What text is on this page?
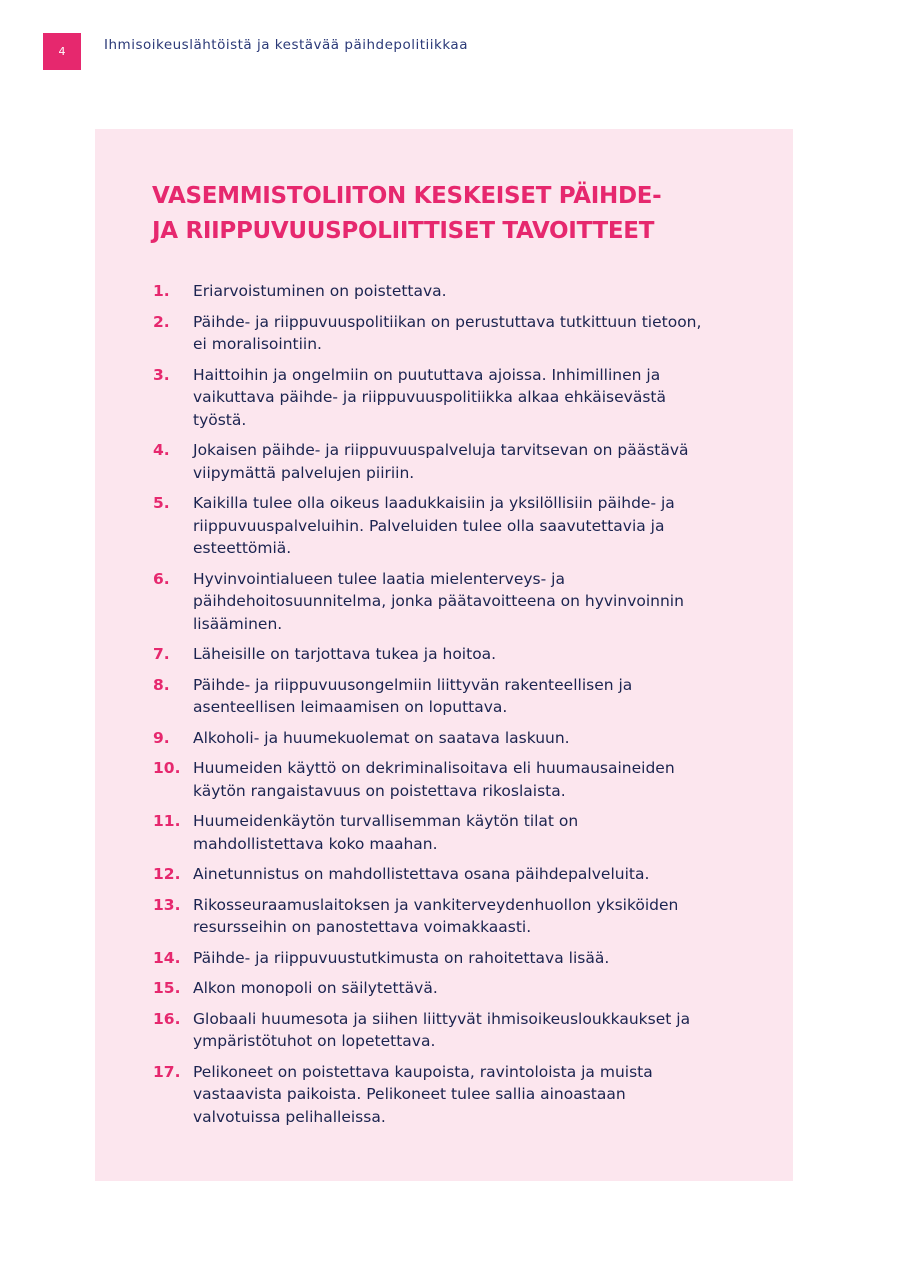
4	Ihmisoikeuslähtöistä ja kestävää päihdepolitiikkaa
VASEMMISTOLIITON KESKEISET PÄIHDE-
JA RIIPPUVUUSPOLIITTISET TAVOITTEET
1.	Eriarvoistuminen on poistettava.
2.	Päihde- ja riippuvuuspolitiikan on perustuttava tutkittuun tietoon, ei moralisointiin.
3.	Haittoihin ja ongelmiin on puututtava ajoissa. Inhimillinen ja vaikuttava päihde- ja riippuvuuspolitiikka alkaa ehkäisevästä työstä.
4.	Jokaisen päihde- ja riippuvuuspalveluja tarvitsevan on päästävä viipymättä palvelujen piiriin.
5.	Kaikilla tulee olla oikeus laadukkaisiin ja yksilöllisiin päihde- ja riippuvuuspalveluihin. Palveluiden tulee olla saavutettavia ja esteettömiä.
6.	Hyvinvointialueen tulee laatia mielenterveys- ja päihdehoitosuunnitelma, jonka päätavoitteena on hyvinvoinnin lisääminen.
7.	Läheisille on tarjottava tukea ja hoitoa.
8.	Päihde- ja riippuvuusongelmiin liittyvän rakenteellisen ja asenteellisen leimaamisen on loputtava.
9.	Alkoholi- ja huumekuolemat on saatava laskuun.
10. Huumeiden käyttö on dekriminalisoitava eli huumausaineiden käytön rangaistavuus on poistettava rikoslaista.
11. Huumeidenkäytön turvallisemman käytön tilat on mahdollistettava koko maahan.
12. Ainetunnistus on mahdollistettava osana päihdepalveluita.
13. Rikosseuraamuslaitoksen ja vankiterveydenhuollon yksiköiden resursseihin on panostettava voimakkaasti.
14. Päihde- ja riippuvuustutkimusta on rahoitettava lisää.
15. Alkon monopoli on säilytettävä.
16. Globaali huumesota ja siihen liittyvät ihmisoikeusloukkaukset ja ympäristötuhot on lopetettava.
17. Pelikoneet on poistettava kaupoista, ravintoloista ja muista vastaavista paikoista. Pelikoneet tulee sallia ainoastaan valvotuissa pelihalleissa.
